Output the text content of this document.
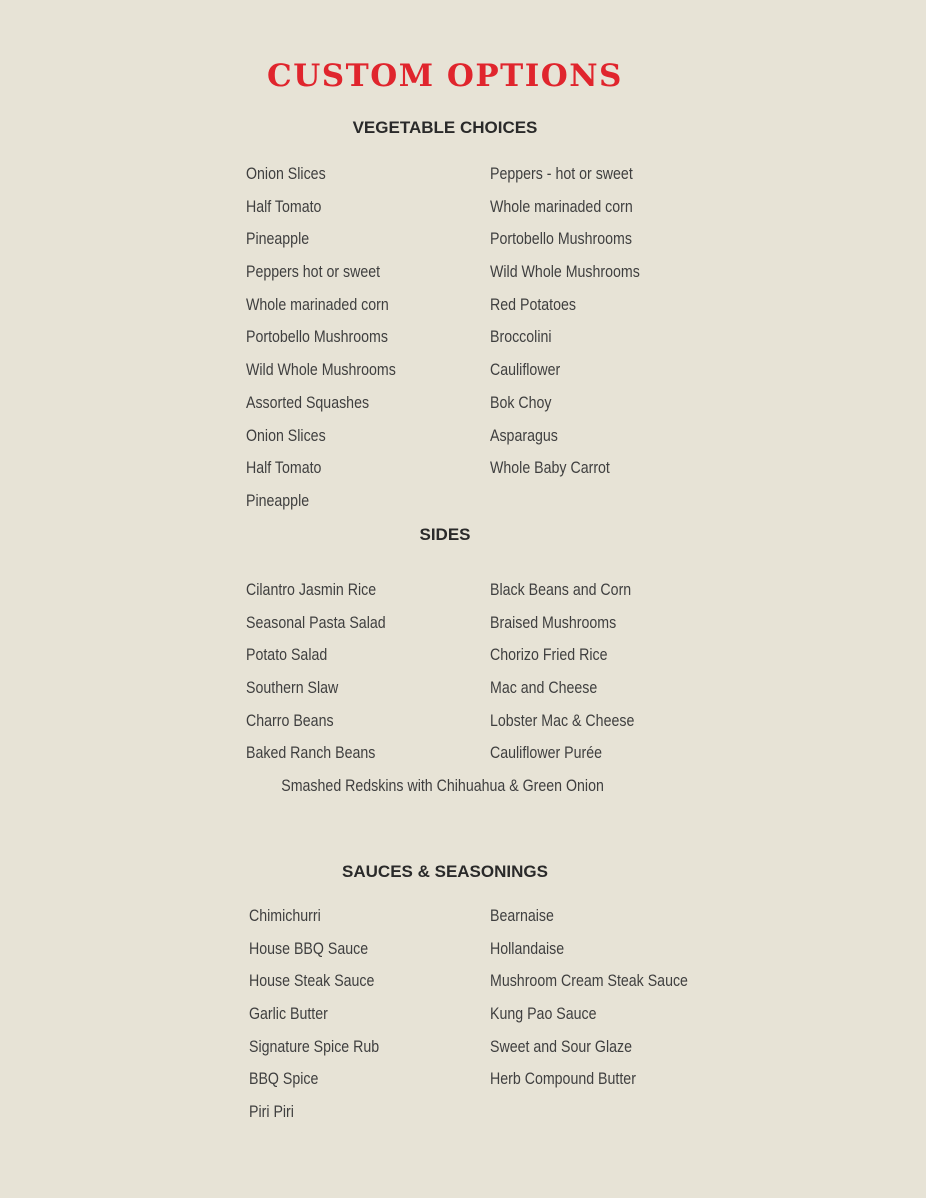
CUSTOM OPTIONS
VEGETABLE CHOICES
Onion Slices
Half Tomato
Pineapple
Peppers hot or sweet
Whole marinaded corn
Portobello Mushrooms
Wild Whole Mushrooms
Assorted Squashes
Onion Slices
Half Tomato
Pineapple
Peppers - hot or sweet
Whole marinaded corn
Portobello Mushrooms
Wild Whole Mushrooms
Red Potatoes
Broccolini
Cauliflower
Bok Choy
Asparagus
Whole Baby Carrot
SIDES
Cilantro Jasmin Rice
Seasonal Pasta Salad
Potato Salad
Southern Slaw
Charro Beans
Baked Ranch Beans
Black Beans and Corn
Braised Mushrooms
Chorizo Fried Rice
Mac and Cheese
Lobster Mac & Cheese
Cauliflower Purée

Smashed Redskins with Chihuahua & Green Onion

SAUCES & SEASONINGS
Chimichurri
House BBQ Sauce
House Steak Sauce
Garlic Butter
Signature Spice Rub
BBQ Spice
Piri Piri
Bearnaise
Hollandaise
Mushroom Cream Steak Sauce
Kung Pao Sauce
Sweet and Sour Glaze
Herb Compound Butter
